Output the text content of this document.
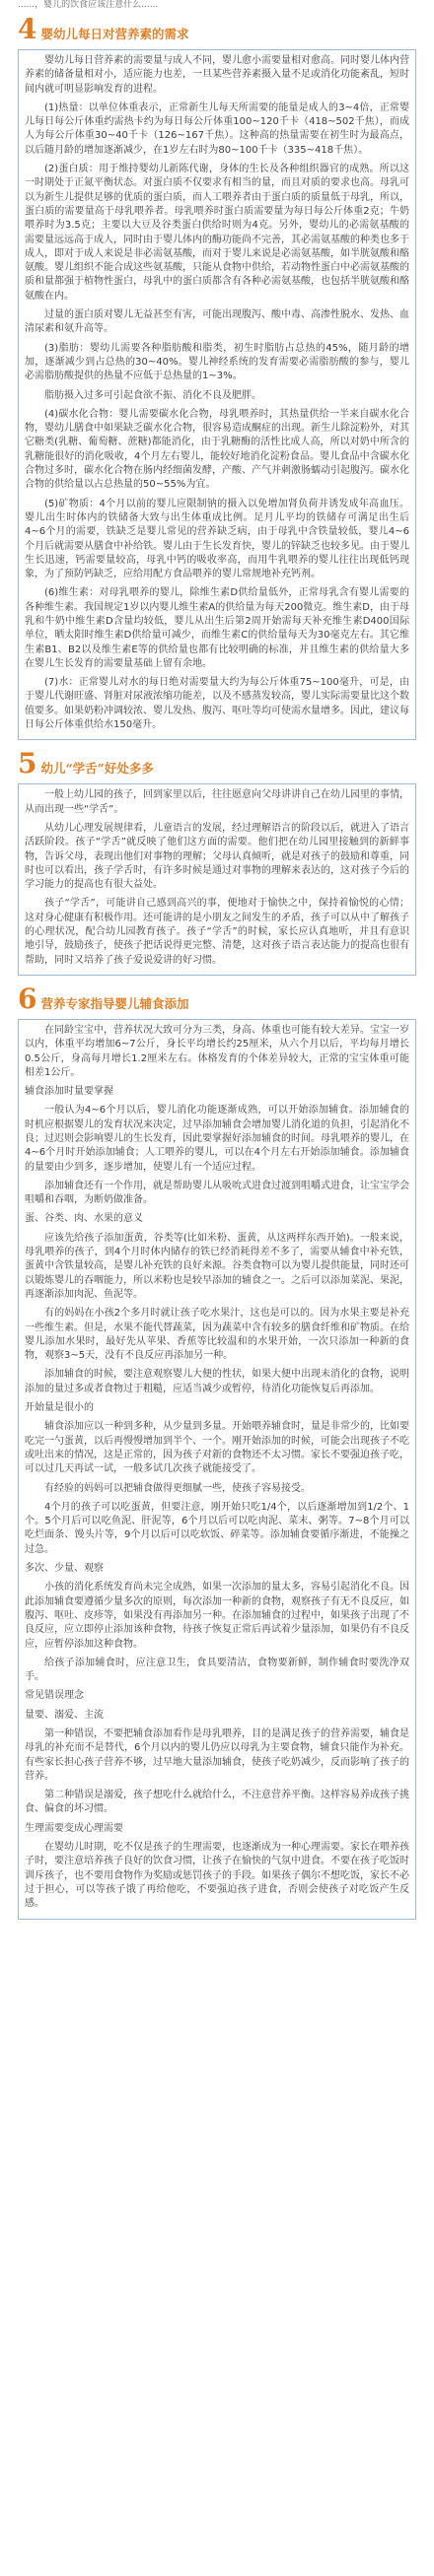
......，婴儿的饮食应该注意什么......
4 婴幼儿每日对营养素的需求

婴幼儿每日营养素的需要量与成人不同，婴儿愈小需要量相对愈高。同时婴儿体内营养素的储备量相对小，适应能力也差，一旦某些营养素摄入量不足或消化功能紊乱，短时间内就可明显影响发育的进程。

(1)热量：以单位体重表示，正常新生儿每天所需要的能量是成人的3~4倍，正常婴儿每日每公斤体重约需热卡约为每日每公斤体重100~120千卡（418~502千焦），而成人为每公斤体重30~40千卡（126~167千焦）。这种高的热量需要在初生时为最高点，以后随月龄的增加逐渐减少，在1岁左右时为80~100千卡（335~418千焦）。

(2)蛋白质：用于维持婴幼儿新陈代谢，身体的生长及各种组织器官的成熟。所以这一时期处于正氮平衡状态。对蛋白质不仅要求有相当的量，而且对质的要求也高。母乳可以为新生儿提供足够的优质的蛋白质，而人工喂养者由于蛋白质的质量低于母乳，所以，蛋白质的需要量高于母乳喂养者。母乳喂养时蛋白质需要量为每日每公斤体重2克；牛奶喂养时为3.5克；主要以大豆及谷类蛋白供给时则为4克。另外，婴幼儿的必需氨基酸的需要量远远高于成人，同时由于婴儿体内的酶功能尚不完善，其必需氨基酸的种类也多于成人，即对于成人来说是非必需氨基酸，而对于婴儿来说是必需氨基酸，如半胱氨酸和酪氨酸。婴儿组织不能合成这些氨基酸，只能从食物中供给，若动物性蛋白中必需氨基酸的质和量都强于植物性蛋白，母乳中的蛋白质都含有各种必需氨基酸，也包括半胱氨酸和酪氨酸在内。

过量的蛋白质对婴儿无益甚至有害，可能出现腹泻、酸中毒、高渗性脱水、发热、血清尿素和氨升高等。

(3)脂肪：婴幼儿需要各种脂肪酸和脂类，初生时脂肪占总热的45%，随月龄的增加，逐渐减少到占总热的30~40%。婴儿神经系统的发育需要必需脂肪酸的参与，婴儿必需脂肪酸提供的热量不应低于总热量的1~3%。

脂肪摄入过多可引起食欲不振、消化不良及肥胖。

(4)碳水化合物：婴儿需要碳水化合物，母乳喂养时，其热量供给一半来自碳水化合物，婴幼儿膳食中如果缺乏碳水化合物，很容易造成酮症的出现。新生儿除淀粉外，对其它糖类(乳糖、葡萄糖、蔗糖)都能消化，由于乳糖酶的活性比成人高，所以对奶中所含的乳糖能很好的消化吸收，4个月左右婴儿，能较好地消化淀粉食品。婴儿食品中含碳水化合物过多时，碳水化合物在肠内经细菌发酵，产酸、产气并刺激肠蠕动引起腹泻。碳水化合物的供给量以占总热量的50~55%为宜。

(5)矿物质：4个月以前的婴儿应限制钠的摄入以免增加肾负荷并诱发成年高血压。婴儿出生时体内的铁储备大致与出生体重成比例。足月儿平均的铁储存可满足出生后4~6个月的需要，铁缺乏是婴儿常见的营养缺乏病，由于母乳中含铁量较低，婴儿4~6个月后就需要从膳食中补给铁。婴儿由于生长发育快，婴儿的锌缺乏也较多见。由于婴儿生长迅速，钙需要量较高，母乳中钙的吸收率高，而用牛乳喂养的婴儿往往出现低钙现象，为了预防钙缺乏，应给用配方食品喂养的婴儿常规地补充钙剂。

(6)维生素：对母乳喂养的婴儿，除维生素D供给量低外，正常母乳含有婴儿需要的各种维生素。我国规定1岁以内婴儿维生素A的供给量为每天200微克。维生素D，由于母乳和牛奶中维生素D含量均较低，婴儿从出生后第2周开始需每天补充维生素D400国际单位，晒太阳时维生素D供给量可减少，而维生素C的供给量每天为30毫克左右。其它维生素B1、B2以及维生素E等的供给量也都有比较明确的标准，并且维生素的供给量大多在婴儿生长发育的需要量基础上留有余地。

(7)水：正常婴儿对水的每日绝对需要量大约为每公斤体重75~100毫升，可是，由于婴儿代谢旺盛、肾脏对尿液浓缩功能差，以及不感蒸发较高，婴儿实际需要量比这个数值要多。如果奶粉冲调较浓、婴儿发热、腹泻、呕吐等均可使需水量增多。因此，建议每日每公斤体重供给水150毫升。

5 幼儿“学舌”好处多多

一般上幼儿园的孩子，回到家里以后，往往愿意向父母讲讲自己在幼儿园里的事情，从而出现一些“学舌”。

从幼儿心理发展规律看，儿童语言的发展，经过理解语言的阶段以后，就进入了语言活跃阶段。孩子“学舌”就反映了他们这方面的需要。他们把在幼儿园里接触到的新鲜事物，告诉父母，表现出他们对事物的理解；父母认真倾听，就是对孩子的鼓励和尊重，同时也可以看出，孩子学舌时，有许多时候是通过对事物的理解来表达的，这对孩子今后的学习能力的提高也有很大益处。

孩子“学舌”，可能讲自己感到高兴的事，便地对于愉快之中，保持着愉悦的心情；这对身心健康有积极作用。还可能讲的是小朋友之间发生的矛盾，孩子可以从中了解孩子的心理状况，配合幼儿园教育孩子。孩子“学舌”的时候，家长应认真地听，并且有意识地引导，鼓励孩子，使孩子把话说得更完整、清楚，这对孩子语言表达能力的提高也很有帮助，同时又培养了孩子爱说爱讲的好习惯。

6 营养专家指导婴儿辅食添加

在同龄宝宝中，营养状况大致可分为三类，身高、体重也可能有较大差异。宝宝一岁以内，体重平均增加6~7公斤，身长平均增长约25厘米，从六个月以后，平均每月增长0.5公斤，身高每月增长1.2厘米左右。体格发育的个体差异较大，正常的宝宝体重可能相差1公斤。

辅食添加时量要掌握

一般认为4~6个月以后，婴儿消化功能逐渐成熟，可以开始添加辅食。添加辅食的时机应根据婴儿的发育状况来决定，过早添加辅食会增加婴儿消化道的负担，引起消化不良；过迟则会影响婴儿的生长发育，因此要掌握好添加辅食的时间。母乳喂养的婴儿，在4~6个月时开始添加辅食；人工喂养的婴儿，可以在4个月左右开始添加辅食。添加辅食的量要由少到多，逐步增加，使婴儿有一个适应过程。

添加辅食还有一个作用，就是帮助婴儿从吸吮式进食过渡到咀嚼式进食，让宝宝学会咀嚼和吞咽，为断奶做准备。

蛋、谷类、肉、水果的意义

应该先给孩子添加蛋黄，谷类等(比如米粉、蛋黄，从这两样东西开始)。一般来说，母乳喂养的孩子，到4个月时体内储存的铁已经消耗得差不多了，需要从辅食中补充铁，蛋黄中含铁量较高，是婴儿补充铁的良好来源。谷类食物可以为婴儿提供能量，同时还可以锻炼婴儿的吞咽能力，所以米粉也是较早添加的辅食之一。之后可以添加菜泥、果泥，再逐渐添加肉泥、鱼泥等。

有的妈妈在小孩2个多月时就让孩子吃水果汁，这也是可以的。因为水果主要是补充一些维生素。但是，水果不能代替蔬菜，因为蔬菜中含有较多的膳食纤维和矿物质。在给婴儿添加水果时，最好先从苹果、香蕉等比较温和的水果开始，一次只添加一种新的食物，观察3~5天，没有不良反应再添加另一种。

添加辅食的时候，要注意观察婴儿大便的性状，如果大便中出现未消化的食物，说明添加的量过多或者食物过于粗糙，应适当减少或暂停，待消化功能恢复后再添加。

开始量是很小的

辅食添加应以一种到多种，从少量到多量。开始喂养辅食时，量是非常少的，比如要吃完一勺蛋黄，以后再慢慢增加到半个、一个。刚开始添加的时候，可能会出现孩子不吃或吐出来的情况，这是正常的，因为孩子对新的食物还不太习惯。家长不要强迫孩子吃，可以过几天再试一试，一般多试几次孩子就能接受了。

有经验的妈妈可以把辅食做得更细腻一些，使孩子容易接受。

4个月的孩子可以吃蛋黄，但要注意，刚开始只吃1/4个，以后逐渐增加到1/2个、1个。5个月后可以吃鱼泥、肝泥等，6个月以后可以吃肉泥、菜末、粥等。7~8个月可以吃烂面条、馒头片等，9个月以后可以吃软饭、碎菜等。添加辅食要循序渐进，不能操之过急。

多次、少量、观察

小孩的消化系统发育尚未完全成熟，如果一次添加的量太多，容易引起消化不良。因此添加辅食要遵循少量多次的原则，每次添加一种新的食物，观察孩子有无不良反应，如腹泻、呕吐、皮疹等，如果没有再添加另一种。在添加辅食的过程中，如果孩子出现了不良反应，应立即停止添加该种食物，待孩子恢复正常后再试着少量添加，如果仍有不良反应，应暂停添加这种食物。

给孩子添加辅食时，应注意卫生，食具要清洁，食物要新鲜，制作辅食时要洗净双手。

常见错误理念

量要、溺爱、主流

第一种错误，不要把辅食添加看作是母乳喂养，目的是满足孩子的营养需要，辅食是母乳的补充而不是替代，6个月以内的婴儿仍应以母乳为主要食物，辅食只能作为补充。有些家长担心孩子营养不够，过早地大量添加辅食，使孩子吃奶减少，反而影响了孩子的营养。

第二种错误是溺爱，孩子想吃什么就给什么，不注意营养平衡。这样容易养成孩子挑食、偏食的坏习惯。

生理需要变成心理需要

在婴幼儿时期，吃不仅是孩子的生理需要，也逐渐成为一种心理需要。家长在喂养孩子时，要注意培养孩子良好的饮食习惯，让孩子在愉快的气氛中进食。不要在孩子吃饭时训斥孩子，也不要用食物作为奖励或惩罚孩子的手段。如果孩子偶尔不想吃饭，家长不必过于担心，可以等孩子饿了再给他吃，不要强迫孩子进食，否则会使孩子对吃饭产生反感。
